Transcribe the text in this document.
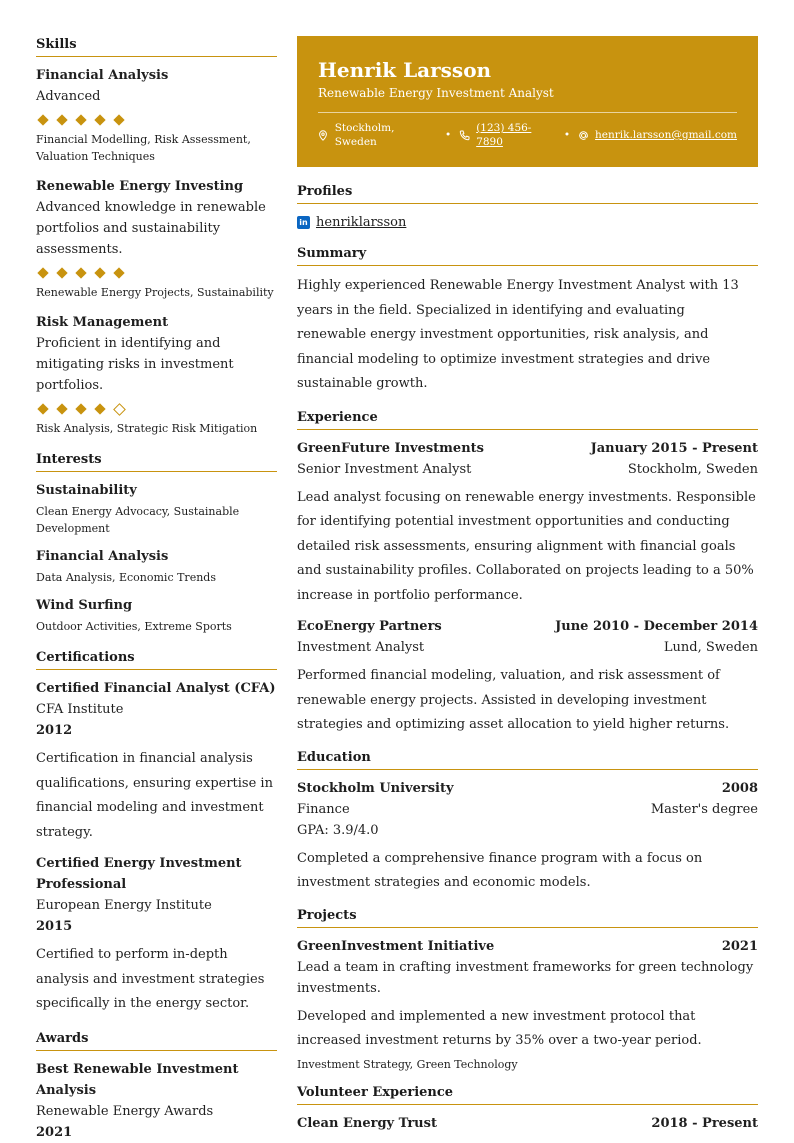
Skills
Financial Analysis
Advanced
Financial Modelling, Risk Assessment, Valuation Techniques
Renewable Energy Investing
Advanced knowledge in renewable portfolios and sustainability assessments.
Renewable Energy Projects, Sustainability
Risk Management
Proficient in identifying and mitigating risks in investment portfolios.
Risk Analysis, Strategic Risk Mitigation
Interests
Sustainability
Clean Energy Advocacy, Sustainable Development
Financial Analysis
Data Analysis, Economic Trends
Wind Surfing
Outdoor Activities, Extreme Sports
Certifications
Certified Financial Analyst (CFA)
CFA Institute
2012
Certification in financial analysis qualifications, ensuring expertise in financial modeling and investment strategy.
Certified Energy Investment Professional
European Energy Institute
2015
Certified to perform in-depth analysis and investment strategies specifically in the energy sector.
Awards
Best Renewable Investment Analysis
Renewable Energy Awards
2021
Henrik Larsson
Renewable Energy Investment Analyst
Stockholm, Sweden
•
(123) 456-7890
• henrik.larsson@gmail.com
Profiles
in henriklarsson
Summary
Highly experienced Renewable Energy Investment Analyst with 13 years in the field. Specialized in identifying and evaluating renewable energy investment opportunities, risk analysis, and financial modeling to optimize investment strategies and drive sustainable growth.
Experience
GreenFuture Investments	January 2015 - Present
Senior Investment Analyst	Stockholm, Sweden
Lead analyst focusing on renewable energy investments. Responsible for identifying potential investment opportunities and conducting detailed risk assessments, ensuring alignment with financial goals and sustainability profiles. Collaborated on projects leading to a 50% increase in portfolio performance.
EcoEnergy Partners	June 2010 - December 2014
Investment Analyst	Lund, Sweden
Performed financial modeling, valuation, and risk assessment of renewable energy projects. Assisted in developing investment strategies and optimizing asset allocation to yield higher returns.
Education
Stockholm University	2008
Finance	Master's degree
GPA: 3.9/4.0
Completed a comprehensive finance program with a focus on investment strategies and economic models.
Projects
GreenInvestment Initiative	2021
Lead a team in crafting investment frameworks for green technology investments.
Developed and implemented a new investment protocol that increased investment returns by 35% over a two-year period.
Investment Strategy, Green Technology
Volunteer Experience
Clean Energy Trust	2018 - Present
